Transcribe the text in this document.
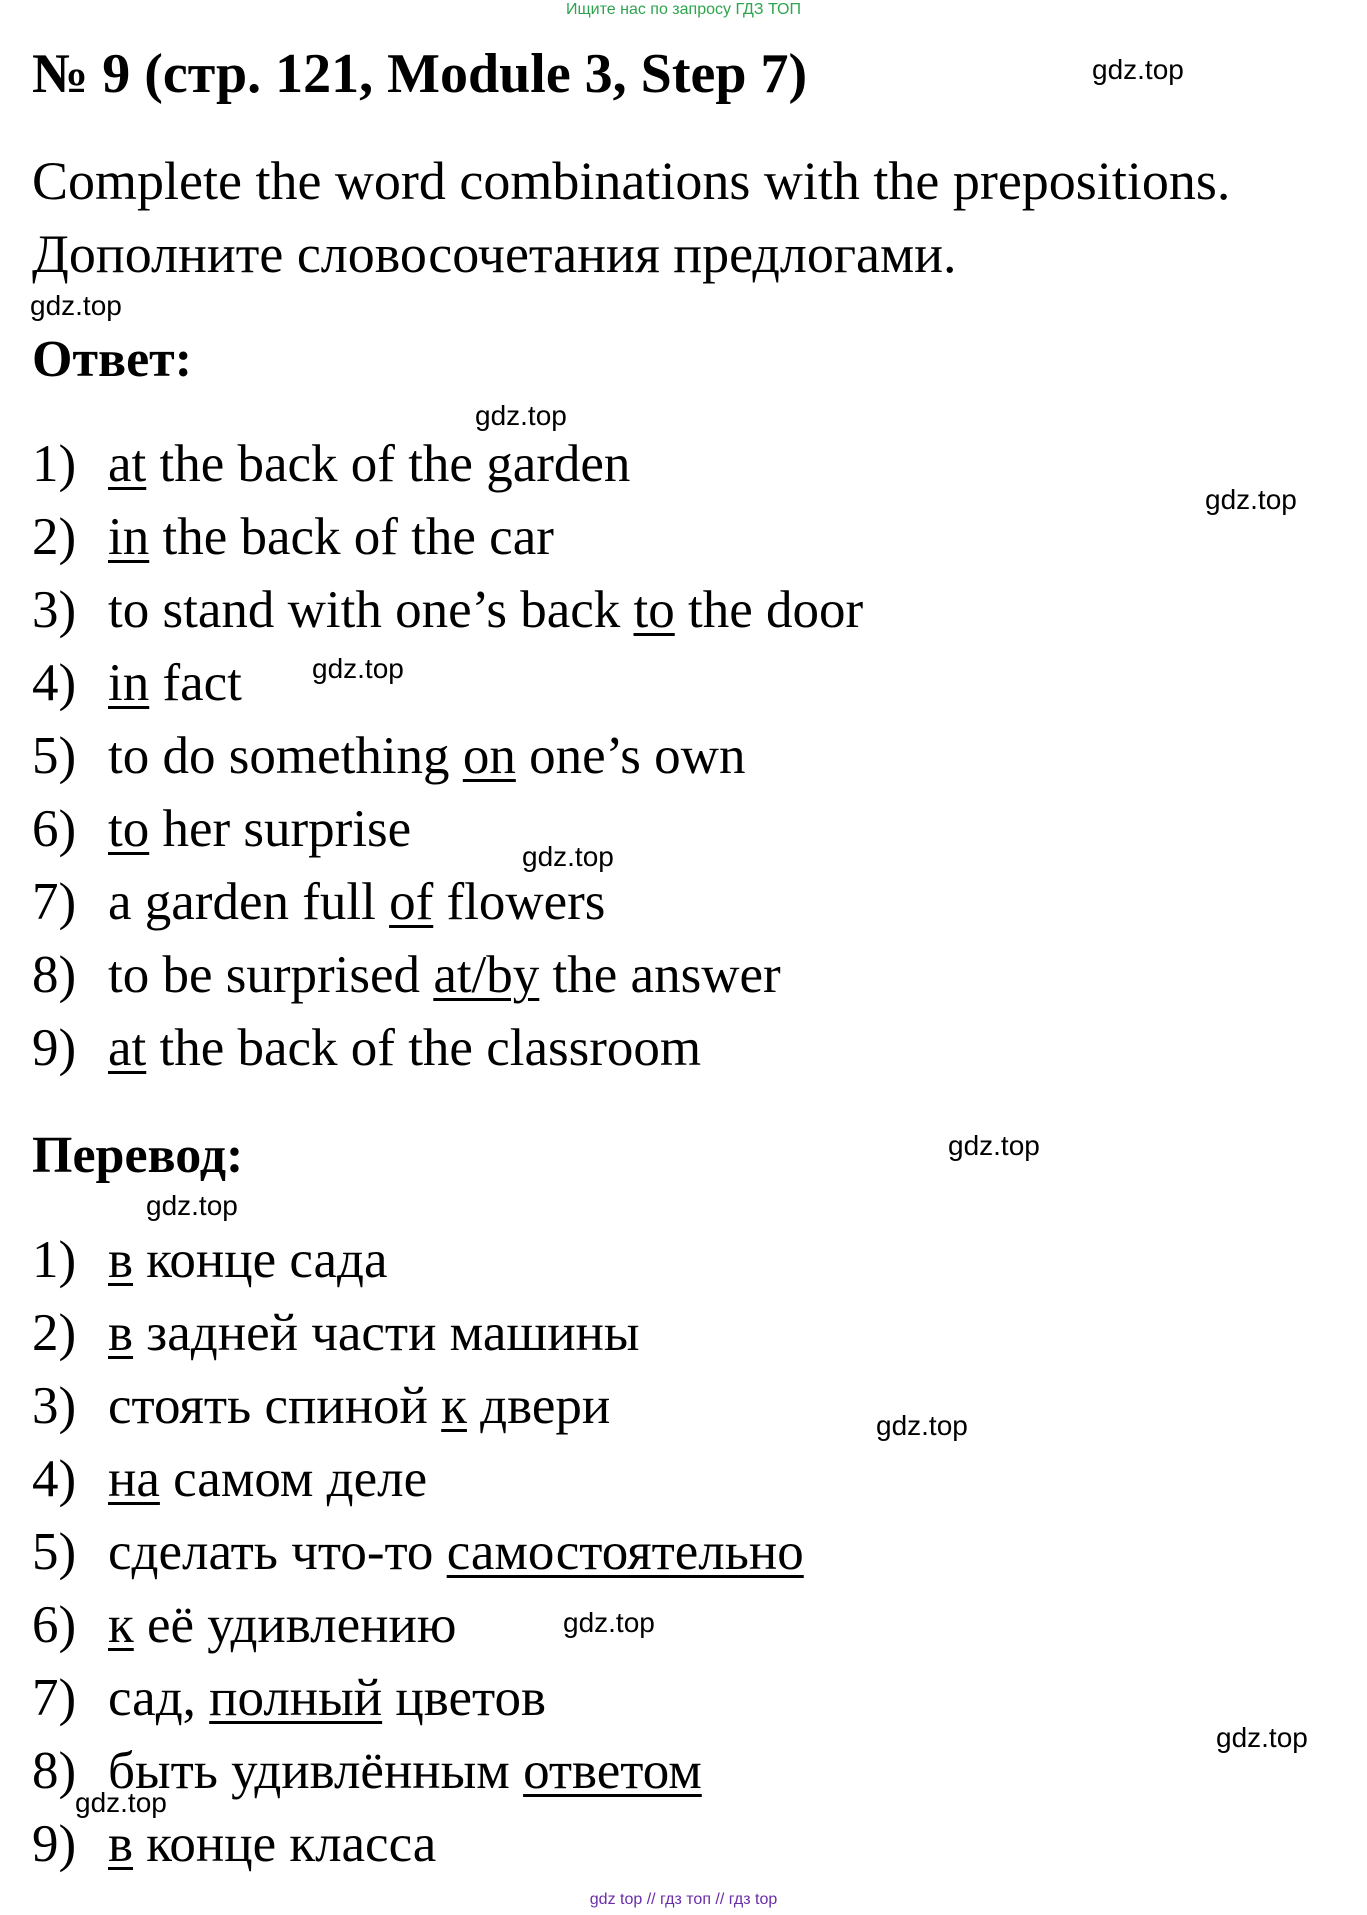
Ищите нас по запросу ГДЗ ТОП
№ 9 (стр. 121, Module 3, Step 7)
Complete the word combinations with the prepositions.
Дополните словосочетания предлогами.
Ответ:
1) at the back of the garden
2) in the back of the car
3) to stand with one’s back to the door
4) in fact
5) to do something on one’s own
6) to her surprise
7) a garden full of flowers
8) to be surprised at/by the answer
9) at the back of the classroom
Перевод:
1) в конце сада
2) в задней части машины
3) стоять спиной к двери
4) на самом деле
5) сделать что-то самостоятельно
6) к её удивлению
7) сад, полный цветов
8) быть удивлённым ответом
9) в конце класса
gdz.top
gdz.top
gdz.top
gdz.top
gdz.top
gdz.top
gdz.top
gdz.top
gdz.top
gdz.top
gdz.top
gdz.top
gdz top // гдз топ // гдз top
